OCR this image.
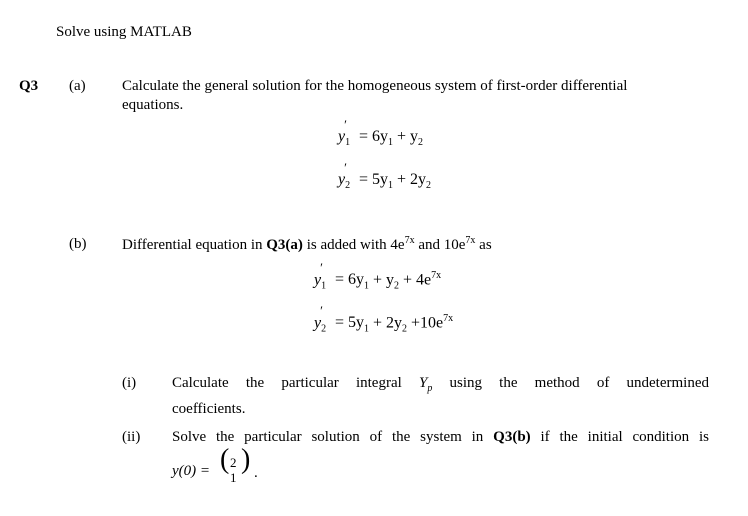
Solve using MATLAB
Q3 (a) Calculate the general solution for the homogeneous system of first-order differential
equations.
$y_1' = 6y_1 + y_2$
$y_2' = 5y_1 + 2y_2$
(b) Differential equation in Q3(a) is added with $4e^{7x}$ and $10e^{7x}$ as
$y_1' = 6y_1 + y_2 + 4e^{7x}$
$y_2' = 5y_1 + 2y_2 +10e^{7x}$
(i) Calculate the particular integral $Y_p$ using the method of undetermined
coefficients.
(ii) Solve the particular solution of the system in Q3(b) if the initial condition is
y(0) = ( 2
1
) .
